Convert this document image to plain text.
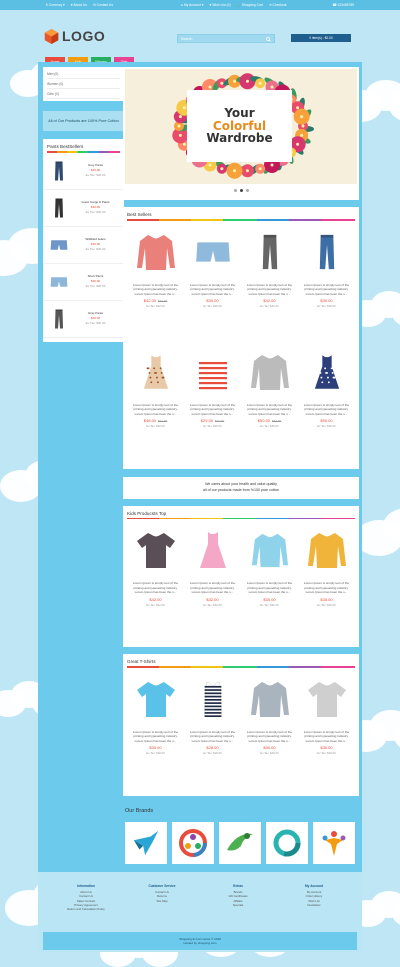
€ Currency ▾ ♥ About Us ✉ Contact Us	● My Account ▾ ♥ Wish List (0) 🛒 Shopping Cart ➜ Checkout	☎ 123456789
LOGO	Search	0 item(s) - €0.00
Men (0)
Women (0)
Girls (0)
All of Our Products are 100% Pure Cotton
Pants BestSellers
Grey Pants
$30.00
Ex Tax: $30.00
Gucci Cargo & Pants
$30.00
Ex Tax: $30.00
Wildfield Jeans
$30.00
Ex Tax: $30.00
Short Pants
$30.00
Ex Tax: $30.00
Gray Pants
$30.00
Ex Tax: $30.00
Your
Colorful
Wardrobe
Best Sellers
Lorem Ipsum is simply text of the printing and typesetting industry. Lorem Ipsum has been the s...
$42.00 $71.00
Ex Tax: $42.00
Lorem Ipsum is simply text of the printing and typesetting industry. Lorem Ipsum has been the s...
$30.00
Ex Tax: $30.00
Lorem Ipsum is simply text of the printing and typesetting industry. Lorem Ipsum has been the s...
$42.00
Ex Tax: $42.00
Lorem Ipsum is simply text of the printing and typesetting industry. Lorem Ipsum has been the s...
$30.00
Ex Tax: $30.00
Lorem Ipsum is simply text of the printing and typesetting industry. Lorem Ipsum has been the s...
$48.00 $91.00
Ex Tax: $48.00
Lorem Ipsum is simply text of the printing and typesetting industry. Lorem Ipsum has been the s...
$29.00 $31.00
Ex Tax: $29.00
Lorem Ipsum is simply text of the printing and typesetting industry. Lorem Ipsum has been the s...
$50.00 $61.00
Ex Tax: $50.00
Lorem Ipsum is simply text of the printing and typesetting industry. Lorem Ipsum has been the s...
$90.00
Ex Tax: $90.00
We cares about your health and value quality
all of our products made from %100 pure cotton
Kids Producsts Top
Lorem Ipsum is simply text of the printing and typesetting industry. Lorem Ipsum has been the s...
$42.00
Ex Tax: $42.00
Lorem Ipsum is simply text of the printing and typesetting industry. Lorem Ipsum has been the s...
$32.00
Ex Tax: $32.00
Lorem Ipsum is simply text of the printing and typesetting industry. Lorem Ipsum has been the s...
$30.00
Ex Tax: $30.00
Lorem Ipsum is simply text of the printing and typesetting industry. Lorem Ipsum has been the s...
$30.00
Ex Tax: $30.00
Great T-Shirts
Lorem Ipsum is simply text of the printing and typesetting industry. Lorem Ipsum has been the s...
$30.00
Ex Tax: $30.00
Lorem Ipsum is simply text of the printing and typesetting industry. Lorem Ipsum has been the s...
$28.00
Ex Tax: $28.00
Lorem Ipsum is simply text of the printing and typesetting industry. Lorem Ipsum has been the s...
$30.00
Ex Tax: $30.00
Lorem Ipsum is simply text of the printing and typesetting industry. Lorem Ipsum has been the s...
$30.00
Ex Tax: $30.00
Our Brands
Information
About Us
Contact Us
Sales Contract
Privacy Agreement
Return and Cancelation Policy
Customer Service
Contact Us
Returns
Site Map
Extras
Brands
Gift Certificates
Affiliate
Specials
My Account
My Account
Order History
Wish List
Newsletter
Shopping E-Commerce © 2018
Hosted by shopping.com
